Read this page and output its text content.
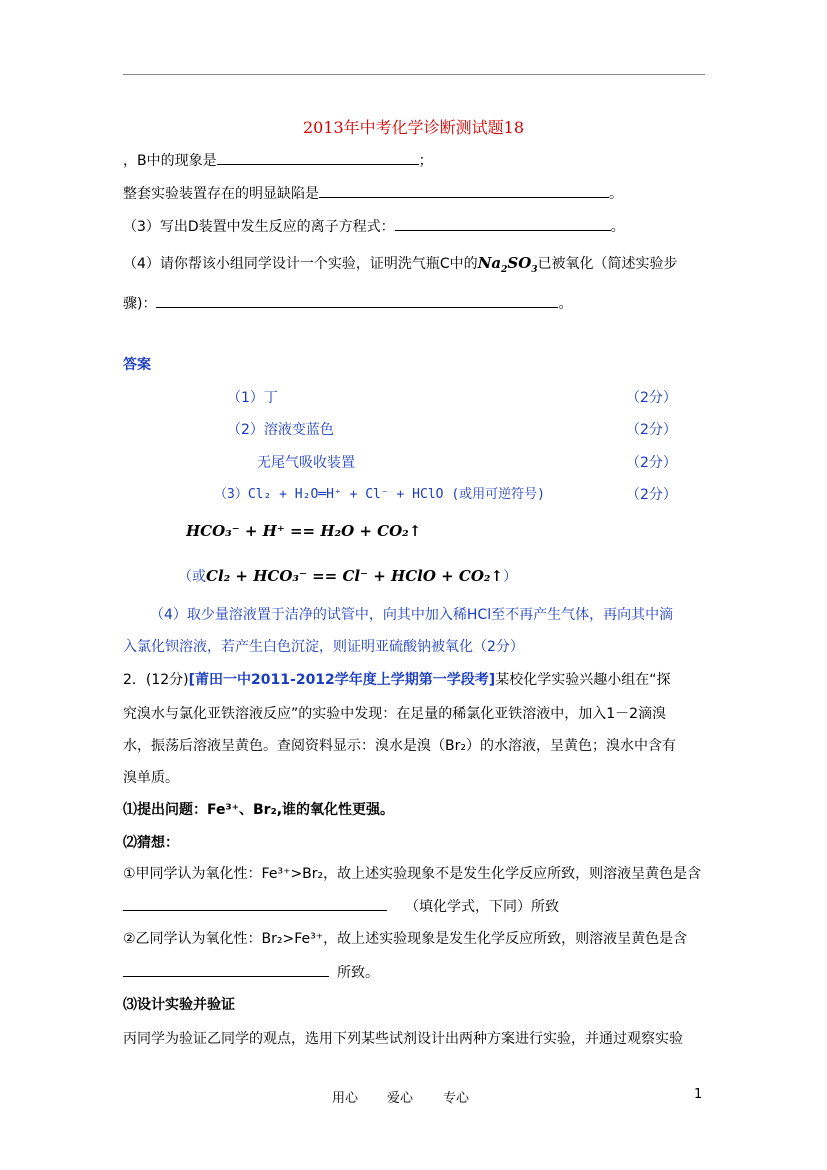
2013年中考化学诊断测试题18
，B中的现象是	；
整套实验装置存在的明显缺陷是	。
（3）写出D装置中发生反应的离子方程式：	。
（4）请你帮该小组同学设计一个实验，证明洗气瓶C中的$Na_2SO_3$已被氧化（简述实验步
骤)：	。
答案
（1）丁	（2分）
（2）溶液变蓝色	（2分）
无尾气吸收装置	（2分）
（3）Cl₂ + H₂O═H⁺ + Cl⁻ + HClO (或用可逆符号)	（2分）
HCO₃⁻ + H⁺ == H₂O + CO₂↑
（或Cl₂ + HCO₃⁻ == Cl⁻ + HClO + CO₂↑）
（4）取少量溶液置于洁净的试管中，向其中加入稀HCl至不再产生气体，再向其中滴
入氯化钡溶液，若产生白色沉淀，则证明亚硫酸钠被氧化（2分）
2．(12分)[莆田一中2011-2012学年度上学期第一学段考]某校化学实验兴趣小组在“探
究溴水与氯化亚铁溶液反应”的实验中发现：在足量的稀氯化亚铁溶液中，加入1－2滴溴
水，振荡后溶液呈黄色。查阅资料显示：溴水是溴（Br₂）的水溶液，呈黄色；溴水中含有
溴单质。
⑴提出问题：Fe³⁺、Br₂,谁的氧化性更强。
⑵猜想：
①甲同学认为氧化性：Fe³⁺>Br₂，故上述实验现象不是发生化学反应所致，则溶液呈黄色是含
（填化学式，下同）所致
②乙同学认为氧化性：Br₂>Fe³⁺，故上述实验现象是发生化学反应所致，则溶液呈黄色是含
所致。
⑶设计实验并验证
丙同学为验证乙同学的观点，选用下列某些试剂设计出两种方案进行实验，并通过观察实验
用心 爱心 专心	1
